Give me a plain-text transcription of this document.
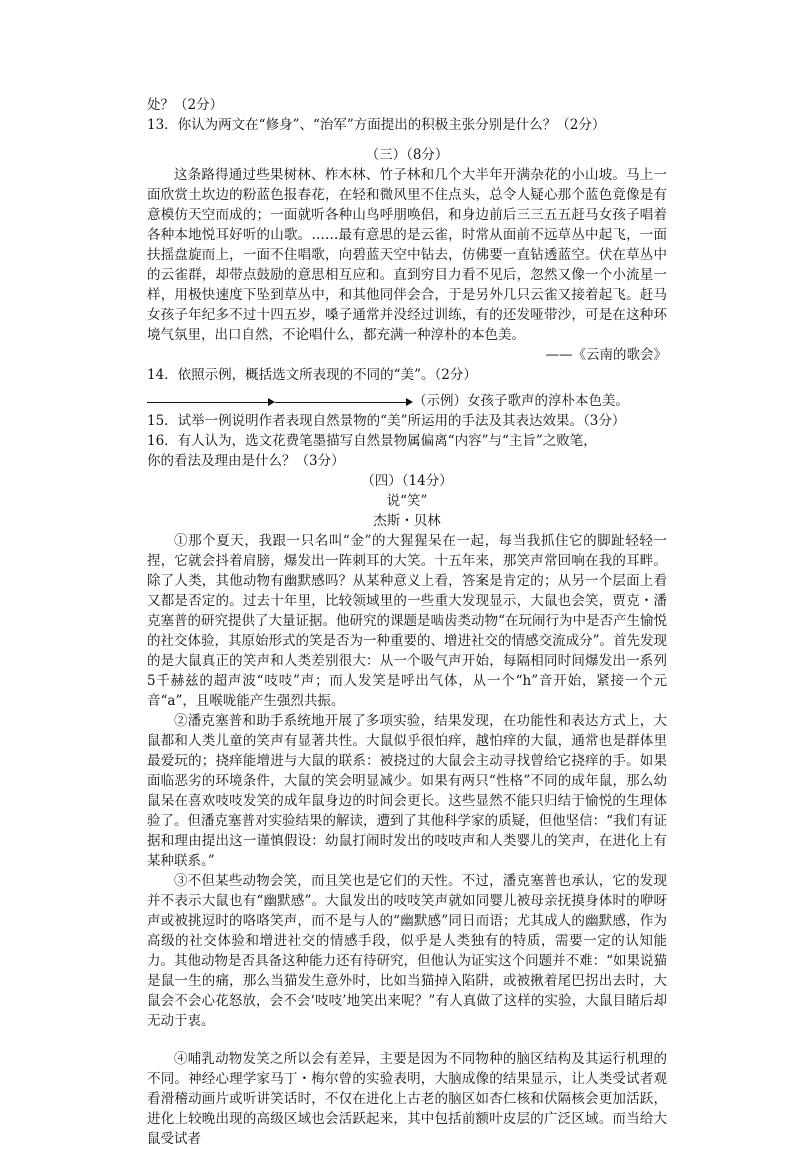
处？（2分）
13．你认为两文在“修身”、“治军”方面提出的积极主张分别是什么？（2分）
（三）（8分）

这条路得通过些果树林、柞木林、竹子林和几个大半年开满杂花的小山坡。马上一面欣赏土坎边的粉蓝色报春花，在轻和微风里不住点头，总令人疑心那个蓝色竟像是有意模仿天空而成的；一面就听各种山鸟呼朋唤侣，和身边前后三三五五赶马女孩子唱着各种本地悦耳好听的山歌。……最有意思的是云雀，时常从面前不远草丛中起飞，一面扶摇盘旋而上，一面不住唱歌，向碧蓝天空中钻去，仿佛要一直钻透蓝空。伏在草丛中的云雀群，却带点鼓励的意思相互应和。直到穷目力看不见后，忽然又像一个小流星一样，用极快速度下坠到草丛中，和其他同伴会合，于是另外几只云雀又接着起飞。赶马女孩子年纪多不过十四五岁，嗓子通常并没经过训练，有的还发哑带沙，可是在这种环境气氛里，出口自然，不论唱什么，都充满一种淳朴的本色美。

——《云南的歌会》
14．依照示例，概括选文所表现的不同的“美”。（2分）
（示例）女孩子歌声的淳朴本色美。
15．试举一例说明作者表现自然景物的“美”所运用的手法及其表达效果。（3分）
16．有人认为，选文花费笔墨描写自然景物属偏离“内容”与“主旨”之败笔，
你的看法及理由是什么？（3分）
（四）（14分）
说“笑”
杰斯・贝林

①那个夏天，我跟一只名叫“金”的大猩猩呆在一起，每当我抓住它的脚趾轻轻一捏，它就会抖着肩膀，爆发出一阵刺耳的大笑。十五年来，那笑声常回响在我的耳畔。除了人类，其他动物有幽默感吗？从某种意义上看，答案是肯定的；从另一个层面上看又都是否定的。过去十年里，比较领域里的一些重大发现显示，大鼠也会笑，贾克・潘克塞普的研究提供了大量证据。他研究的课题是啮齿类动物“在玩闹行为中是否产生愉悦的社交体验，其原始形式的笑是否为一种重要的、增进社交的情感交流成分”。首先发现的是大鼠真正的笑声和人类差别很大：从一个吸气声开始，每隔相同时间爆发出一系列5千赫兹的超声波“吱吱”声；而人发笑是呼出气体，从一个“h”音开始，紧接一个元音“a”，且喉咙能产生强烈共振。

②潘克塞普和助手系统地开展了多项实验，结果发现，在功能性和表达方式上，大鼠都和人类儿童的笑声有显著共性。大鼠似乎很怕痒，越怕痒的大鼠，通常也是群体里最爱玩的；挠痒能增进与大鼠的联系：被挠过的大鼠会主动寻找曾给它挠痒的手。如果面临恶劣的环境条件，大鼠的笑会明显减少。如果有两只“性格”不同的成年鼠，那么幼鼠呆在喜欢吱吱发笑的成年鼠身边的时间会更长。这些显然不能只归结于愉悦的生理体验了。但潘克塞普对实验结果的解读，遭到了其他科学家的质疑，但他坚信：“我们有证据和理由提出这一谨慎假设：幼鼠打闹时发出的吱吱声和人类婴儿的笑声，在进化上有某种联系。”

③不但某些动物会笑，而且笑也是它们的天性。不过，潘克塞普也承认，它的发现并不表示大鼠也有“幽默感”。大鼠发出的吱吱笑声就如同婴儿被母亲抚摸身体时的咿呀声或被挑逗时的咯咯笑声，而不是与人的“幽默感”同日而语；尤其成人的幽默感，作为高级的社交体验和增进社交的情感手段，似乎是人类独有的特质，需要一定的认知能力。其他动物是否具备这种能力还有待研究，但他认为证实这个问题并不难：“如果说猫是鼠一生的痛，那么当猫发生意外时，比如当猫掉入陷阱，或被揪着尾巴拐出去时，大鼠会不会心花怒放，会不会‘吱吱’地笑出来呢？”有人真做了这样的实验，大鼠目睹后却无动于衷。

④哺乳动物发笑之所以会有差异，主要是因为不同物种的脑区结构及其运行机理的不同。神经心理学家马丁・梅尔曾的实验表明，大脑成像的结果显示，让人类受试者观看滑稽动画片或听讲笑话时，不仅在进化上古老的脑区如杏仁核和伏隔核会更加活跃，进化上较晚出现的高级区域也会活跃起来，其中包括前额叶皮层的广泛区域。而当给大鼠受试者
